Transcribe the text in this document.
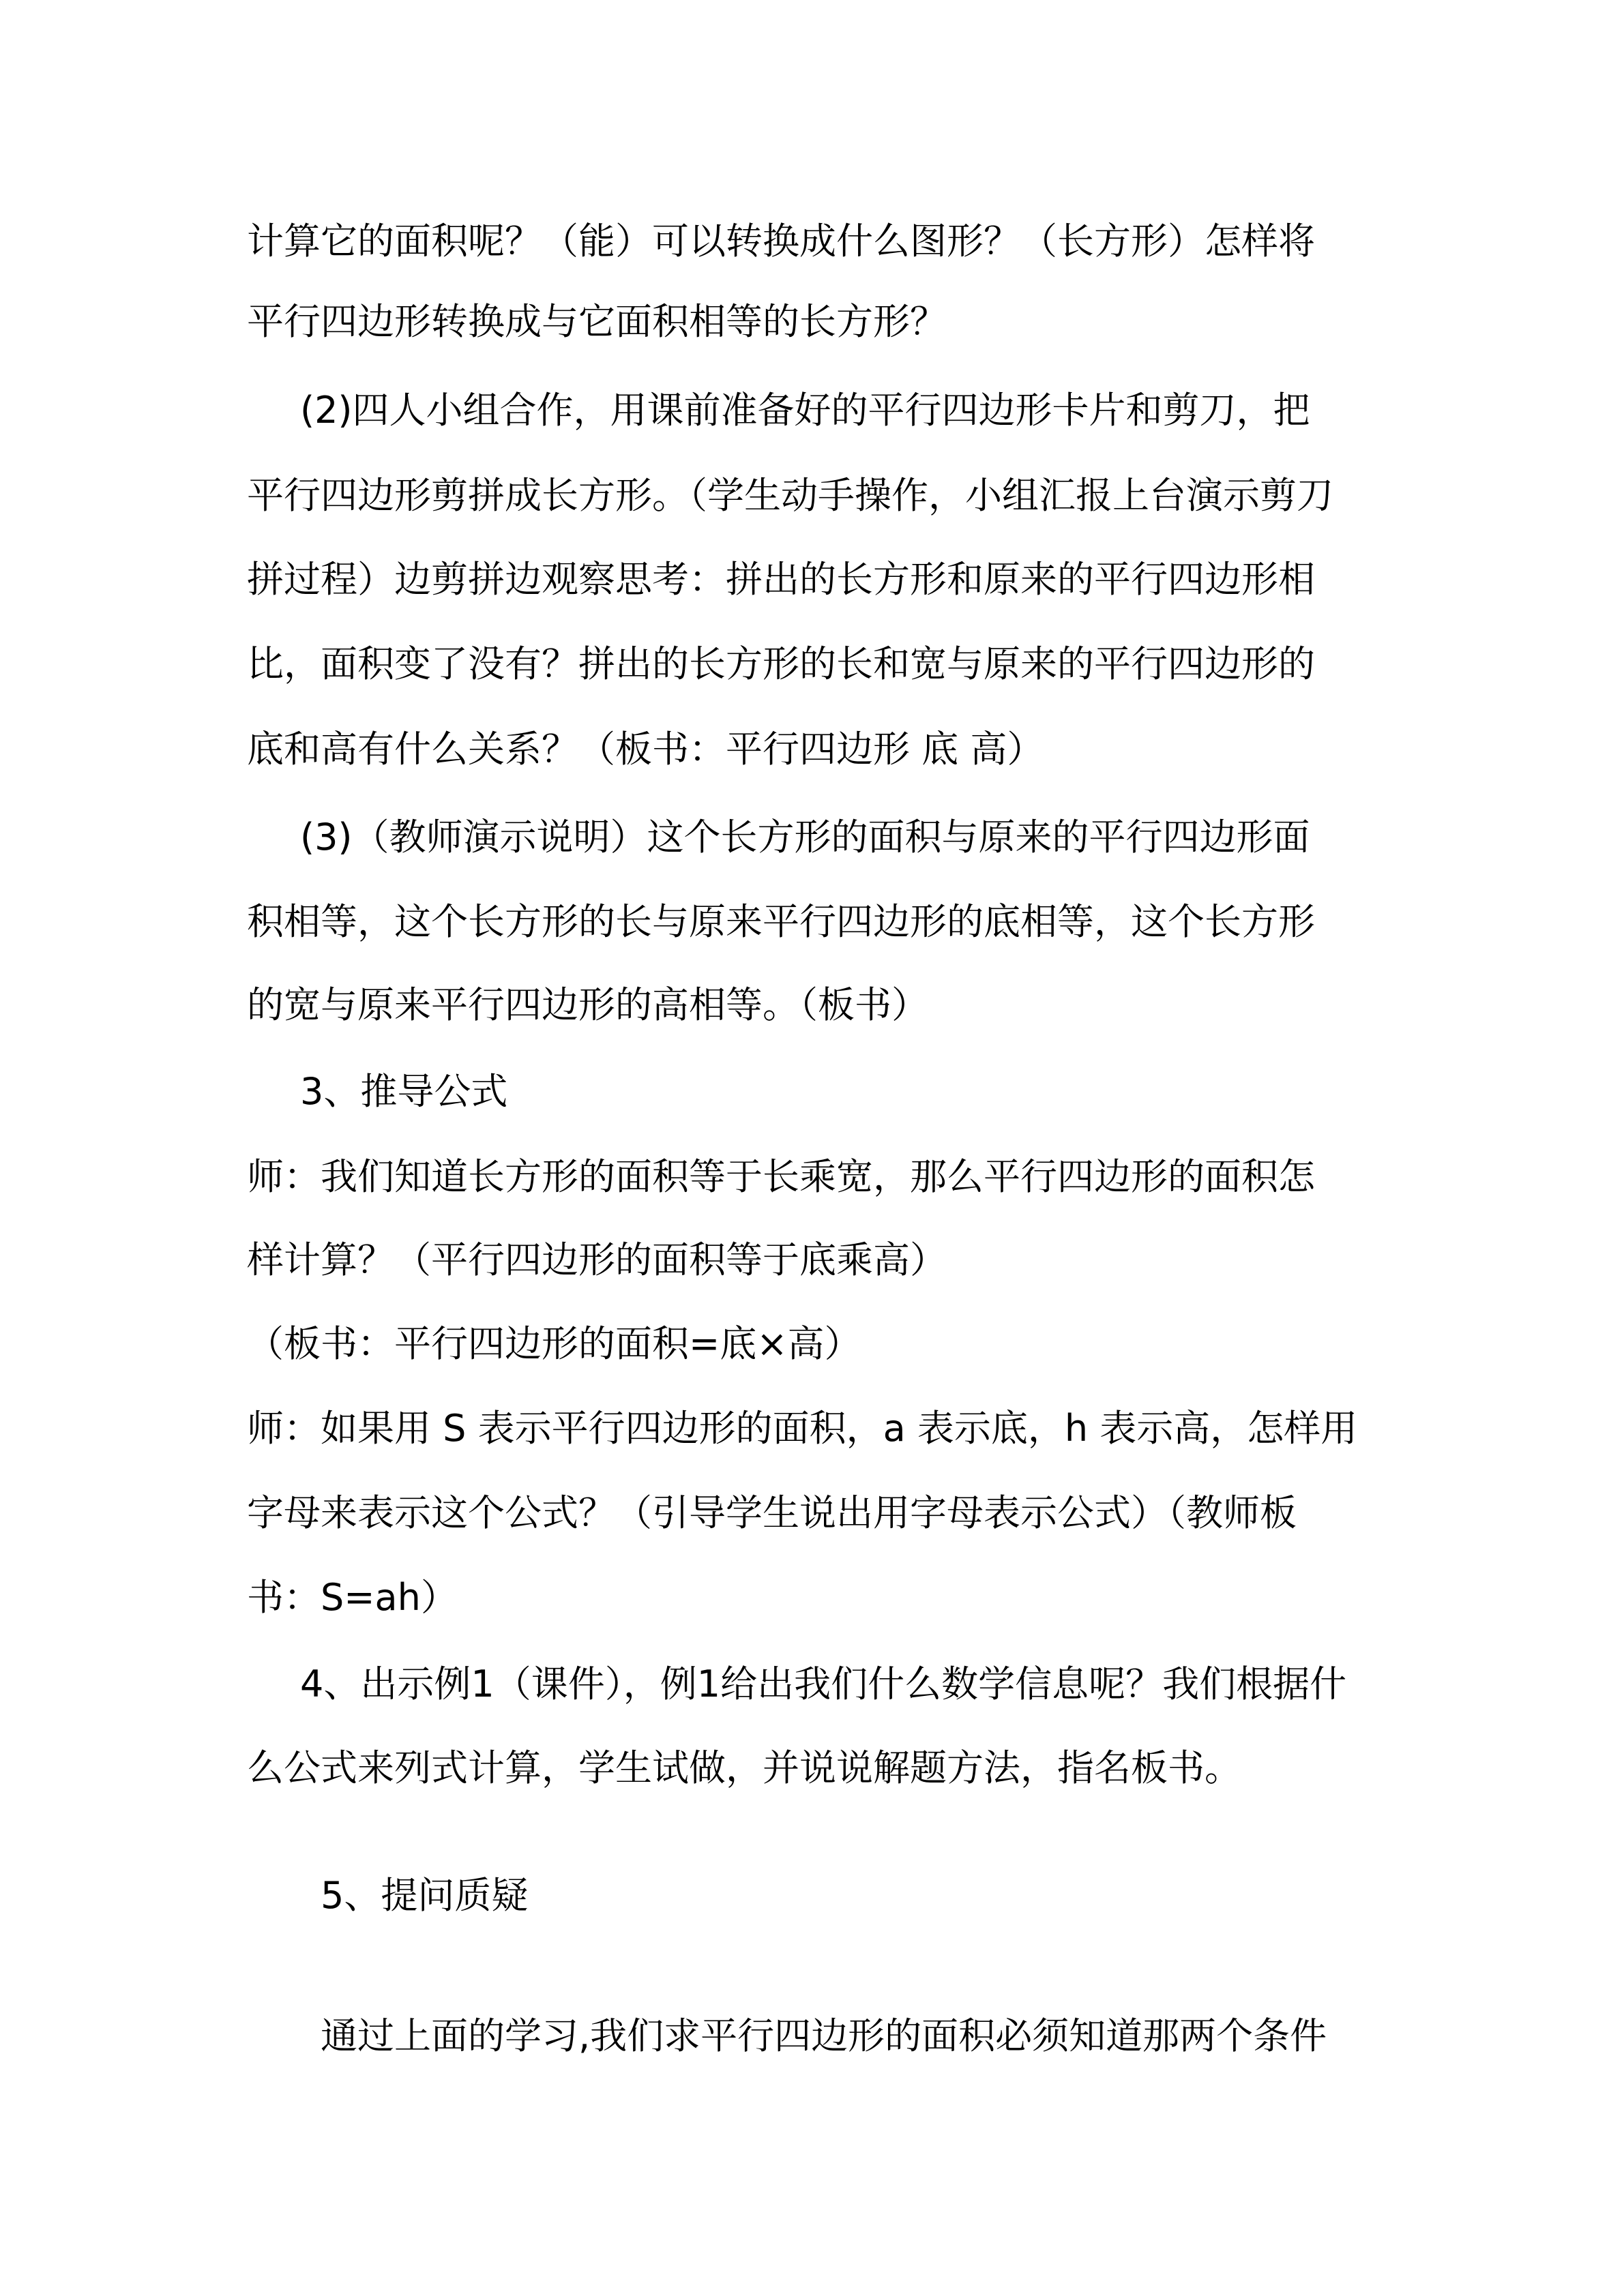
计算它的面积呢？（能）可以转换成什么图形？（长方形）怎样将
平行四边形转换成与它面积相等的长方形？
(2)四人小组合作，用课前准备好的平行四边形卡片和剪刀，把
平行四边形剪拼成长方形。（学生动手操作，小组汇报上台演示剪刀
拼过程）边剪拼边观察思考：拼出的长方形和原来的平行四边形相
比，面积变了没有？拼出的长方形的长和宽与原来的平行四边形的
底和高有什么关系？（板书：平行四边形 底 高）
(3)（教师演示说明）这个长方形的面积与原来的平行四边形面
积相等，这个长方形的长与原来平行四边形的底相等，这个长方形
的宽与原来平行四边形的高相等。（板书）
3、推导公式
师：我们知道长方形的面积等于长乘宽，那么平行四边形的面积怎
样计算？（平行四边形的面积等于底乘高）
（板书：平行四边形的面积=底×高）
师：如果用 S 表示平行四边形的面积，a 表示底，h 表示高，怎样用
字母来表示这个公式？（引导学生说出用字母表示公式）（教师板
书：S=ah）
4、出示例1（课件），例1给出我们什么数学信息呢？我们根据什
么公式来列式计算，学生试做，并说说解题方法，指名板书。
5、提问质疑
通过上面的学习,我们求平行四边形的面积必须知道那两个条件
